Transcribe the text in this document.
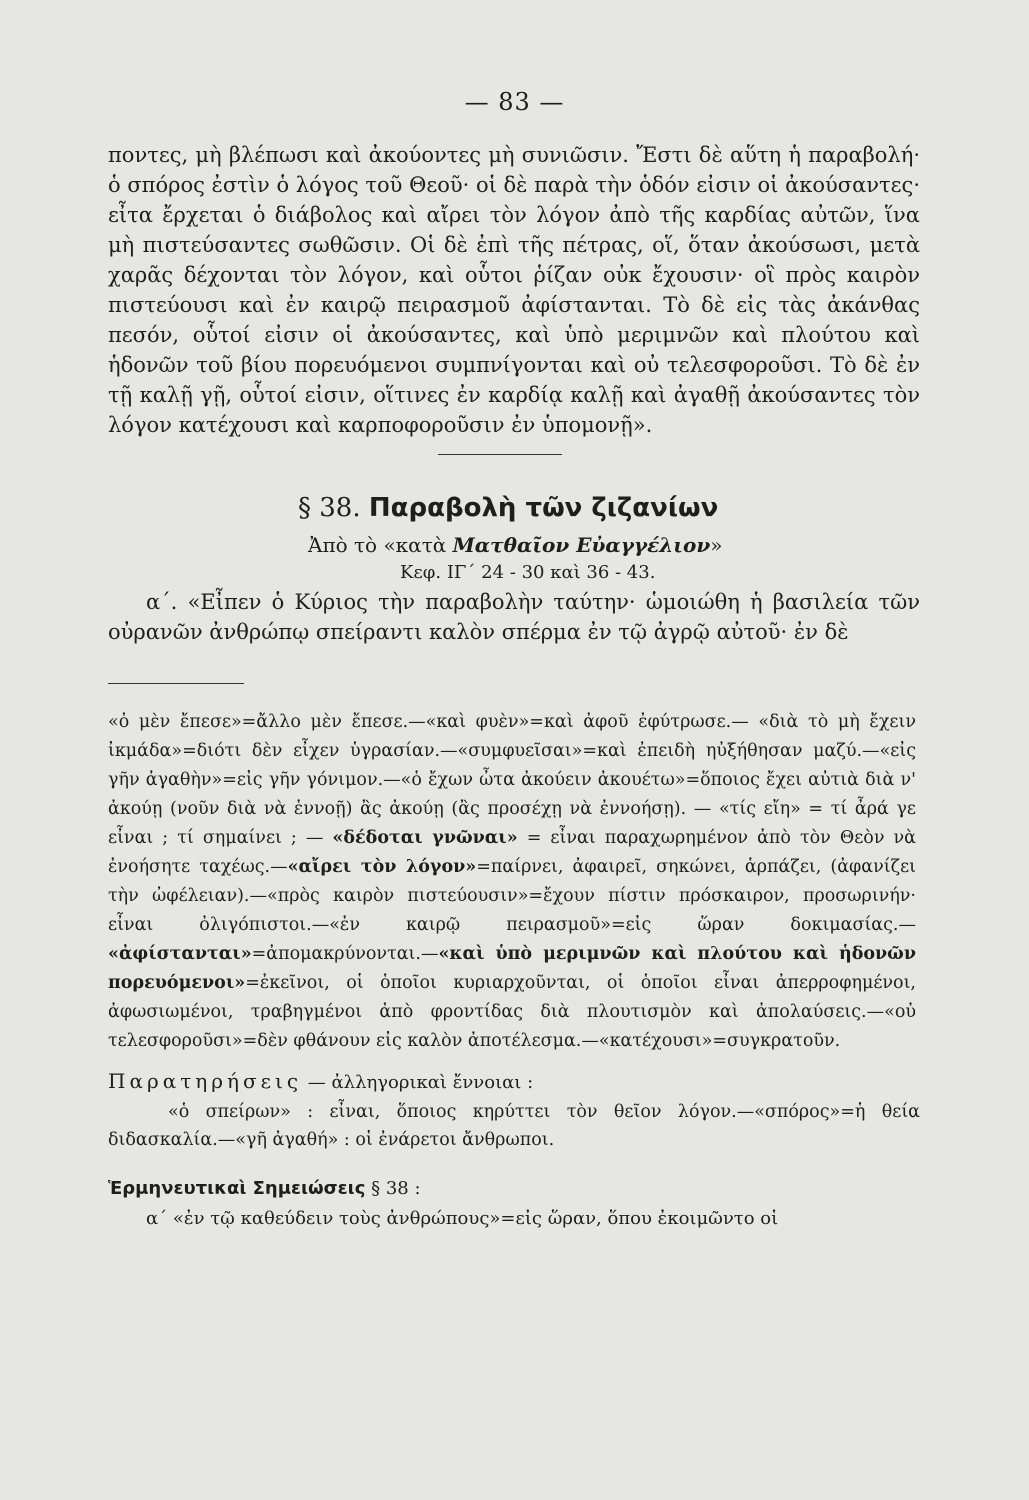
— 83 —

ποντες, μὴ βλέπωσι καὶ ἀκούοντες μὴ συνιῶσιν. Ἔστι δὲ αὕτη ἡ παραβολή· ὁ σπόρος ἐστὶν ὁ λόγος τοῦ Θεοῦ· οἱ δὲ παρὰ τὴν ὁδόν εἰσιν οἱ ἀκούσαντες· εἶτα ἔρχεται ὁ διάβολος καὶ αἴρει τὸν λόγον ἀπὸ τῆς καρδίας αὐτῶν, ἵνα μὴ πιστεύσαντες σωθῶσιν. Οἱ δὲ ἐπὶ τῆς πέτρας, οἵ, ὅταν ἀκούσωσι, μετὰ χαρᾶς δέχονται τὸν λόγον, καὶ οὗτοι ῥίζαν οὐκ ἔχουσιν· οἳ πρὸς καιρὸν πιστεύουσι καὶ ἐν καιρῷ πειρασμοῦ ἀφίστανται. Τὸ δὲ εἰς τὰς ἀκάνθας πεσόν, οὗτοί εἰσιν οἱ ἀκούσαντες, καὶ ὑπὸ μεριμνῶν καὶ πλούτου καὶ ἡδονῶν τοῦ βίου πορευόμενοι συμπνίγονται καὶ οὐ τελεσφοροῦσι. Τὸ δὲ ἐν τῇ καλῇ γῇ, οὗτοί εἰσιν, οἵτινες ἐν καρδίᾳ καλῇ καὶ ἀγαθῇ ἀκούσαντες τὸν λόγον κατέχουσι καὶ καρποφοροῦσιν ἐν ὑπομονῇ».

§ 38. Παραβολὴ τῶν ζιζανίων
Ἀπὸ τὸ «κατὰ Ματθαῖον Εὐαγγέλιον»
Κεφ. ΙΓ΄ 24 - 30 καὶ 36 - 43.

α΄. «Εἶπεν ὁ Κύριος τὴν παραβολὴν ταύτην· ὡμοιώθη ἡ βασιλεία τῶν οὐρανῶν ἀνθρώπῳ σπείραντι καλὸν σπέρμα ἐν τῷ ἀγρῷ αὐτοῦ· ἐν δὲ

«ὁ μὲν ἔπεσε»=ἄλλο μὲν ἔπεσε.—«καὶ φυὲν»=καὶ ἀφοῦ ἐφύτρωσε.— «διὰ τὸ μὴ ἔχειν ἰκμάδα»=διότι δὲν εἶχεν ὑγρασίαν.—«συμφυεῖσαι»=καὶ ἐπειδὴ ηὐξήθησαν μαζύ.—«εἰς γῆν ἀγαθὴν»=εἰς γῆν γόνιμον.—«ὁ ἔχων ὦτα ἀκούειν ἀκουέτω»=ὅποιος ἔχει αὐτιὰ διὰ ν' ἀκούῃ (νοῦν διὰ νὰ ἐννοῇ) ἂς ἀκούῃ (ἂς προσέχῃ νὰ ἐννοήσῃ). — «τίς εἴη» = τί ἆρά γε εἶναι ; τί σημαίνει ; — «δέδοται γνῶναι» = εἶναι παραχωρημένον ἀπὸ τὸν Θεὸν νὰ ἐνοήσητε ταχέως.—«αἴρει τὸν λόγον»=παίρνει, ἀφαιρεῖ, σηκώνει, ἁρπάζει, (ἀφανίζει τὴν ὠφέλειαν).—«πρὸς καιρὸν πιστεύουσιν»=ἔχουν πίστιν πρόσκαιρον, προσωρινήν· εἶναι ὀλιγόπιστοι.—«ἐν καιρῷ πειρασμοῦ»=εἰς ὥραν δοκιμασίας.— «ἀφίστανται»=ἀπομακρύνονται.—«καὶ ὑπὸ μεριμνῶν καὶ πλούτου καὶ ἡδονῶν πορευόμενοι»=ἐκεῖνοι, οἱ ὁποῖοι κυριαρχοῦνται, οἱ ὁποῖοι εἶναι ἀπερροφημένοι, ἀφωσιωμένοι, τραβηγμένοι ἀπὸ φροντίδας διὰ πλουτισμὸν καὶ ἀπολαύσεις.—«οὐ τελεσφοροῦσι»=δὲν φθάνουν εἰς καλὸν ἀποτέλεσμα.—«κατέχουσι»=συγκρατοῦν.
Παρατηρήσεις — ἀλληγορικαὶ ἔννοιαι :
«ὁ σπείρων» : εἶναι, ὅποιος κηρύττει τὸν θεῖον λόγον.—«σπόρος»=ἡ θεία διδασκαλία.—«γῆ ἀγαθή» : οἱ ἐνάρετοι ἄνθρωποι.
Ἑρμηνευτικαὶ Σημειώσεις § 38 :
α΄ «ἐν τῷ καθεύδειν τοὺς ἀνθρώπους»=εἰς ὥραν, ὅπου ἐκοιμῶντο οἱ
